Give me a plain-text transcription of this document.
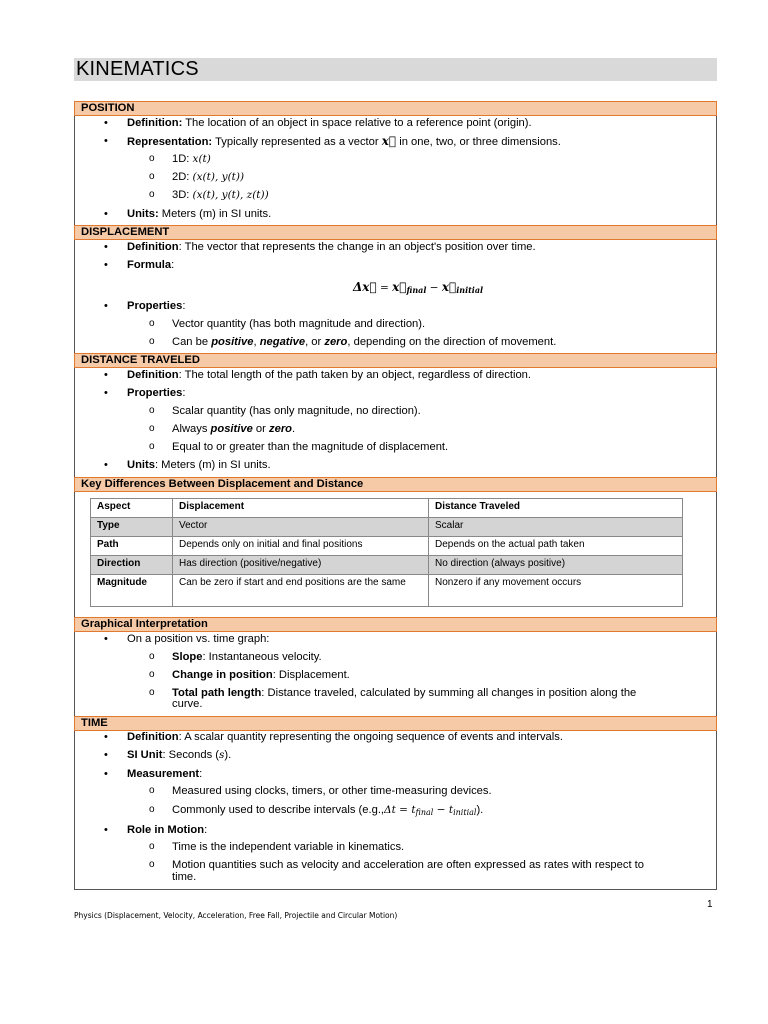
KINEMATICS
POSITION
• Definition: The location of an object in space relative to a reference point (origin).
• Representation: Typically represented as a vector x⃗ in one, two, or three dimensions.
o 1D: x(t)
o 2D: (x(t), y(t))
o 3D: (x(t), y(t), z(t))
• Units: Meters (m) in SI units.
DISPLACEMENT
• Definition: The vector that represents the change in an object's position over time.
• Formula:
Δx⃗ = $x⃗_{final}$ − $x⃗_{initial}$
• Properties:
o Vector quantity (has both magnitude and direction).
o Can be positive, negative, or zero, depending on the direction of movement.
DISTANCE TRAVELED
• Definition: The total length of the path taken by an object, regardless of direction.
• Properties:
o Scalar quantity (has only magnitude, no direction).
o Always positive or zero.
o Equal to or greater than the magnitude of displacement.
• Units: Meters (m) in SI units.
Key Differences Between Displacement and Distance
Aspect	Displacement	Distance Traveled
Type	Vector	Scalar
Path	Depends only on initial and final positions	Depends on the actual path taken
Direction	Has direction (positive/negative)	No direction (always positive)
Magnitude	Can be zero if start and end positions are the same	Nonzero if any movement occurs
Graphical Interpretation
• On a position vs. time graph:
o Slope: Instantaneous velocity.
o Change in position: Displacement.
o Total path length: Distance traveled, calculated by summing all changes in position along the
curve.
TIME
• Definition: A scalar quantity representing the ongoing sequence of events and intervals.
• SI Unit: Seconds (s).
• Measurement:
o Measured using clocks, timers, or other time-measuring devices.
o Commonly used to describe intervals $(e.g.,\Delta t = t_{final} - t_{initial})$.
• Role in Motion:
o Time is the independent variable in kinematics.
o Motion quantities such as velocity and acceleration are often expressed as rates with respect to
time.
1
Physics (Displacement, Velocity, Acceleration, Free Fall, Projectile and Circular Motion)
